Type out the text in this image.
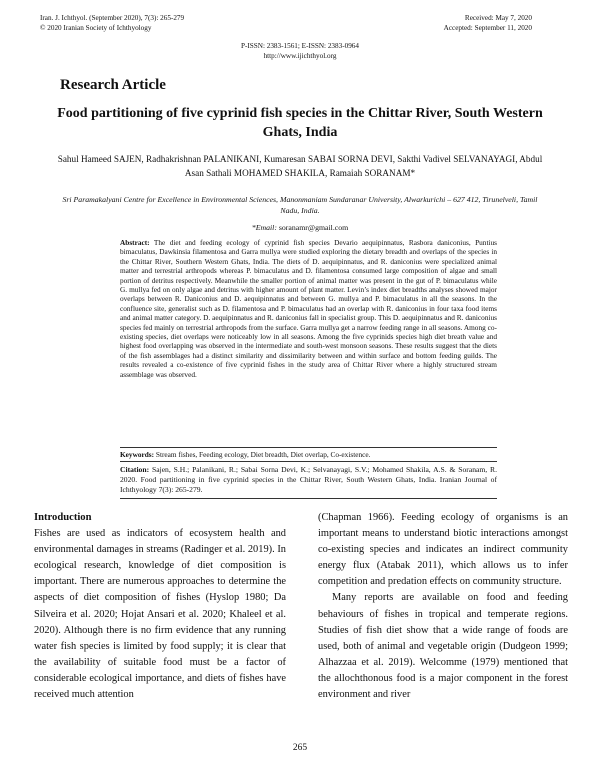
Iran. J. Ichthyol. (September 2020), 7(3): 265-279
© 2020 Iranian Society of Ichthyology
Received: May 7, 2020
Accepted: September 11, 2020
P-ISSN: 2383-1561; E-ISSN: 2383-0964
http://www.ijichthyol.org
Research Article
Food partitioning of five cyprinid fish species in the Chittar River, South Western Ghats, India
Sahul Hameed SAJEN, Radhakrishnan PALANIKANI, Kumaresan SABAI SORNA DEVI, Sakthi Vadivel SELVANAYAGI, Abdul Asan Sathali MOHAMED SHAKILA, Ramaiah SORANAM*
Sri Paramakalyani Centre for Excellence in Environmental Sciences, Manonmaniam Sundaranar University, Alwarkurichi – 627 412, Tirunelveli, Tamil Nadu, India.
*Email: soranamr@gmail.com
Abstract: The diet and feeding ecology of cyprinid fish species Devario aequipinnatus, Rasbora daniconius, Puntius bimaculatus, Dawkinsia filamentosa and Garra mullya were studied exploring the dietary breadth and overlaps of the species in the Chittar River, Southern Western Ghats, India. The diets of D. aequipinnatus, and R. daniconius were specialized animal matter and terrestrial arthropods whereas P. bimaculatus and D. filamentosa consumed large composition of algae and small portion of detritus respectively. Meanwhile the smaller portion of animal matter was present in the gut of P. bimaculatus while G. mullya fed on only algae and detritus with higher amount of plant matter. Levin’s index diet breadths analyses showed major overlaps between R. Daniconius and D. aequipinnatus and between G. mullya and P. bimaculatus in all the seasons. In the confluence site, generalist such as D. filamentosa and P. bimaculatus had an overlap with R. daniconius in four taxa food items and animal matter category. D. aequipinnatus and R. daniconius fall in specialist group. This D. aequipinnatus and R. daniconius species fed mainly on terrestrial arthropods from the surface. Garra mullya get a narrow feeding range in all seasons. Among co-existing species, diet overlaps were noticeably low in all seasons. Among the five cyprinids species high diet breath value and highest food overlapping was observed in the intermediate and south-west monsoon seasons. These results suggest that the diets of the fish assemblages had a distinct similarity and dissimilarity between and within surface and bottom feeding guilds. The results revealed a co-existence of five cyprinid fishes in the study area of Chittar River where a highly structured stream assemblage was observed.
Keywords: Stream fishes, Feeding ecology, Diet breadth, Diet overlap, Co-existence.
Citation: Sajen, S.H.; Palanikani, R.; Sabai Sorna Devi, K.; Selvanayagi, S.V.; Mohamed Shakila, A.S. & Soranam, R. 2020. Food partitioning in five cyprinid species in the Chittar River, South Western Ghats, India. Iranian Journal of Ichthyology 7(3): 265-279.

Introduction

Fishes are used as indicators of ecosystem health and environmental damages in streams (Radinger et al. 2019). In ecological research, knowledge of diet composition is important. There are numerous approaches to determine the aspects of diet composition of fishes (Hyslop 1980; Da Silveira et al. 2020; Hojat Ansari et al. 2020; Khaleel et al. 2020). Although there is no firm evidence that any running water fish species is limited by food supply; it is clear that the availability of suitable food must be a factor of considerable ecological importance, and diets of fishes have received much attention

(Chapman 1966). Feeding ecology of organisms is an important means to understand biotic interactions amongst co-existing species and indicates an indirect community energy flux (Atabak 2011), which allows us to infer competition and predation effects on community structure.

Many reports are available on food and feeding behaviours of fishes in tropical and temperate regions. Studies of fish diet show that a wide range of foods are used, both of animal and vegetable origin (Dudgeon 1999; Alhazzaa et al. 2019). Welcomme (1979) mentioned that the allochthonous food is a major component in the forest environment and river

265
